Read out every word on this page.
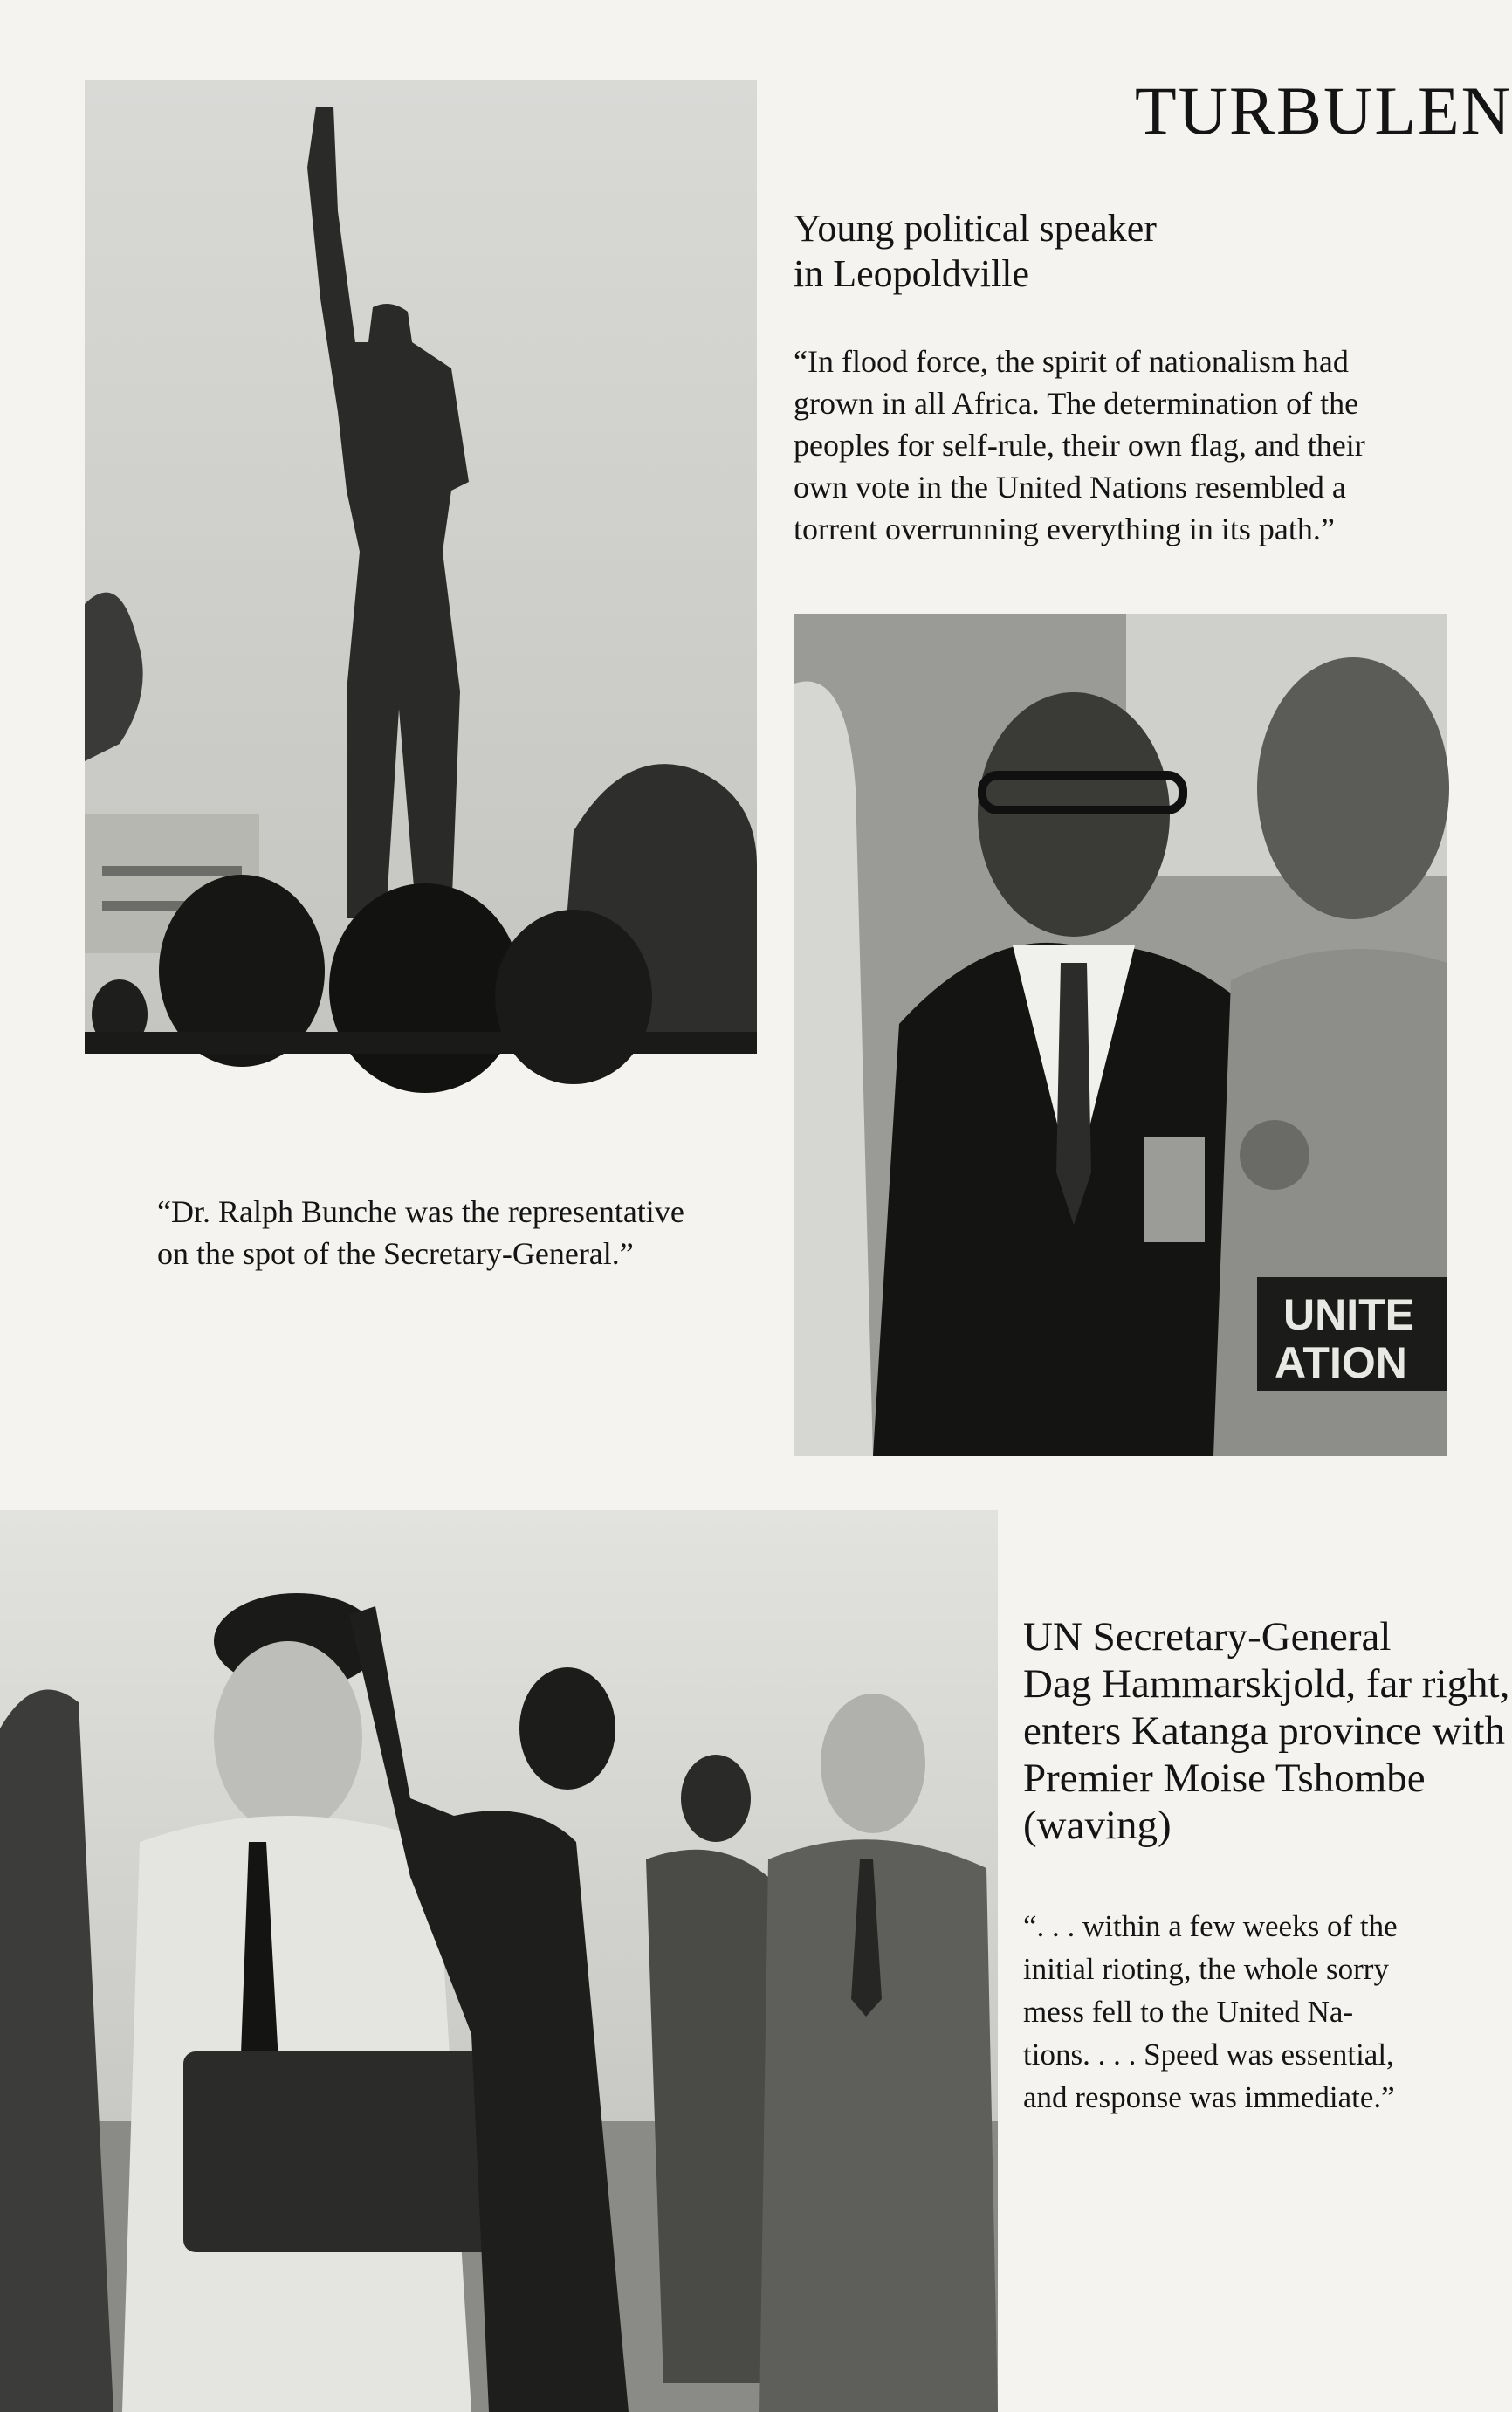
TURBULEN
Young political speaker
in Leopoldville
“In flood force, the spirit of nationalism had
grown in all Africa. The determination of the
peoples for self-rule, their own flag, and their
own vote in the United Nations resembled a
torrent overrunning everything in its path.”
UNITE
ATION
“Dr. Ralph Bunche was the representative
on the spot of the Secretary-General.”
UN Secretary-General
Dag Hammarskjold, far right,
enters Katanga province with
Premier Moise Tshombe
(waving)
“. . . within a few weeks of the
initial rioting, the whole sorry
mess fell to the United Na-
tions. . . . Speed was essential,
and response was immediate.”
